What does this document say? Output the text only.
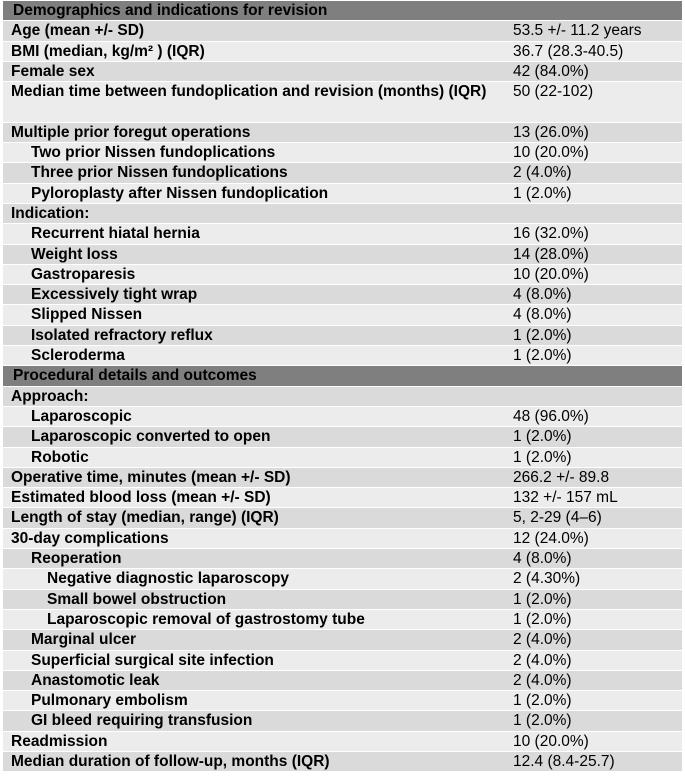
Demographics and indications for revision
Age (mean +/- SD)	53.5 +/- 11.2 years
BMI (median, kg/m² ) (IQR)	36.7 (28.3-40.5)
Female sex	42 (84.0%)
Median time between fundoplication and revision (months) (IQR)	50 (22-102)
Multiple prior foregut operations	13 (26.0%)
Two prior Nissen fundoplications	10 (20.0%)
Three prior Nissen fundoplications	2 (4.0%)
Pyloroplasty after Nissen fundoplication	1 (2.0%)
Indication:
Recurrent hiatal hernia	16 (32.0%)
Weight loss	14 (28.0%)
Gastroparesis	10 (20.0%)
Excessively tight wrap	4 (8.0%)
Slipped Nissen	4 (8.0%)
Isolated refractory reflux	1 (2.0%)
Scleroderma	1 (2.0%)
Procedural details and outcomes
Approach:
Laparoscopic	48 (96.0%)
Laparoscopic converted to open	1 (2.0%)
Robotic	1 (2.0%)
Operative time, minutes (mean +/- SD)	266.2 +/- 89.8
Estimated blood loss (mean +/- SD)	132 +/- 157 mL
Length of stay (median, range) (IQR)	5, 2-29 (4–6)
30-day complications	12 (24.0%)
Reoperation	4 (8.0%)
Negative diagnostic laparoscopy	2 (4.30%)
Small bowel obstruction	1 (2.0%)
Laparoscopic removal of gastrostomy tube	1 (2.0%)
Marginal ulcer	2 (4.0%)
Superficial surgical site infection	2 (4.0%)
Anastomotic leak	2 (4.0%)
Pulmonary embolism	1 (2.0%)
GI bleed requiring transfusion	1 (2.0%)
Readmission	10 (20.0%)
Median duration of follow-up, months (IQR)	12.4 (8.4-25.7)
